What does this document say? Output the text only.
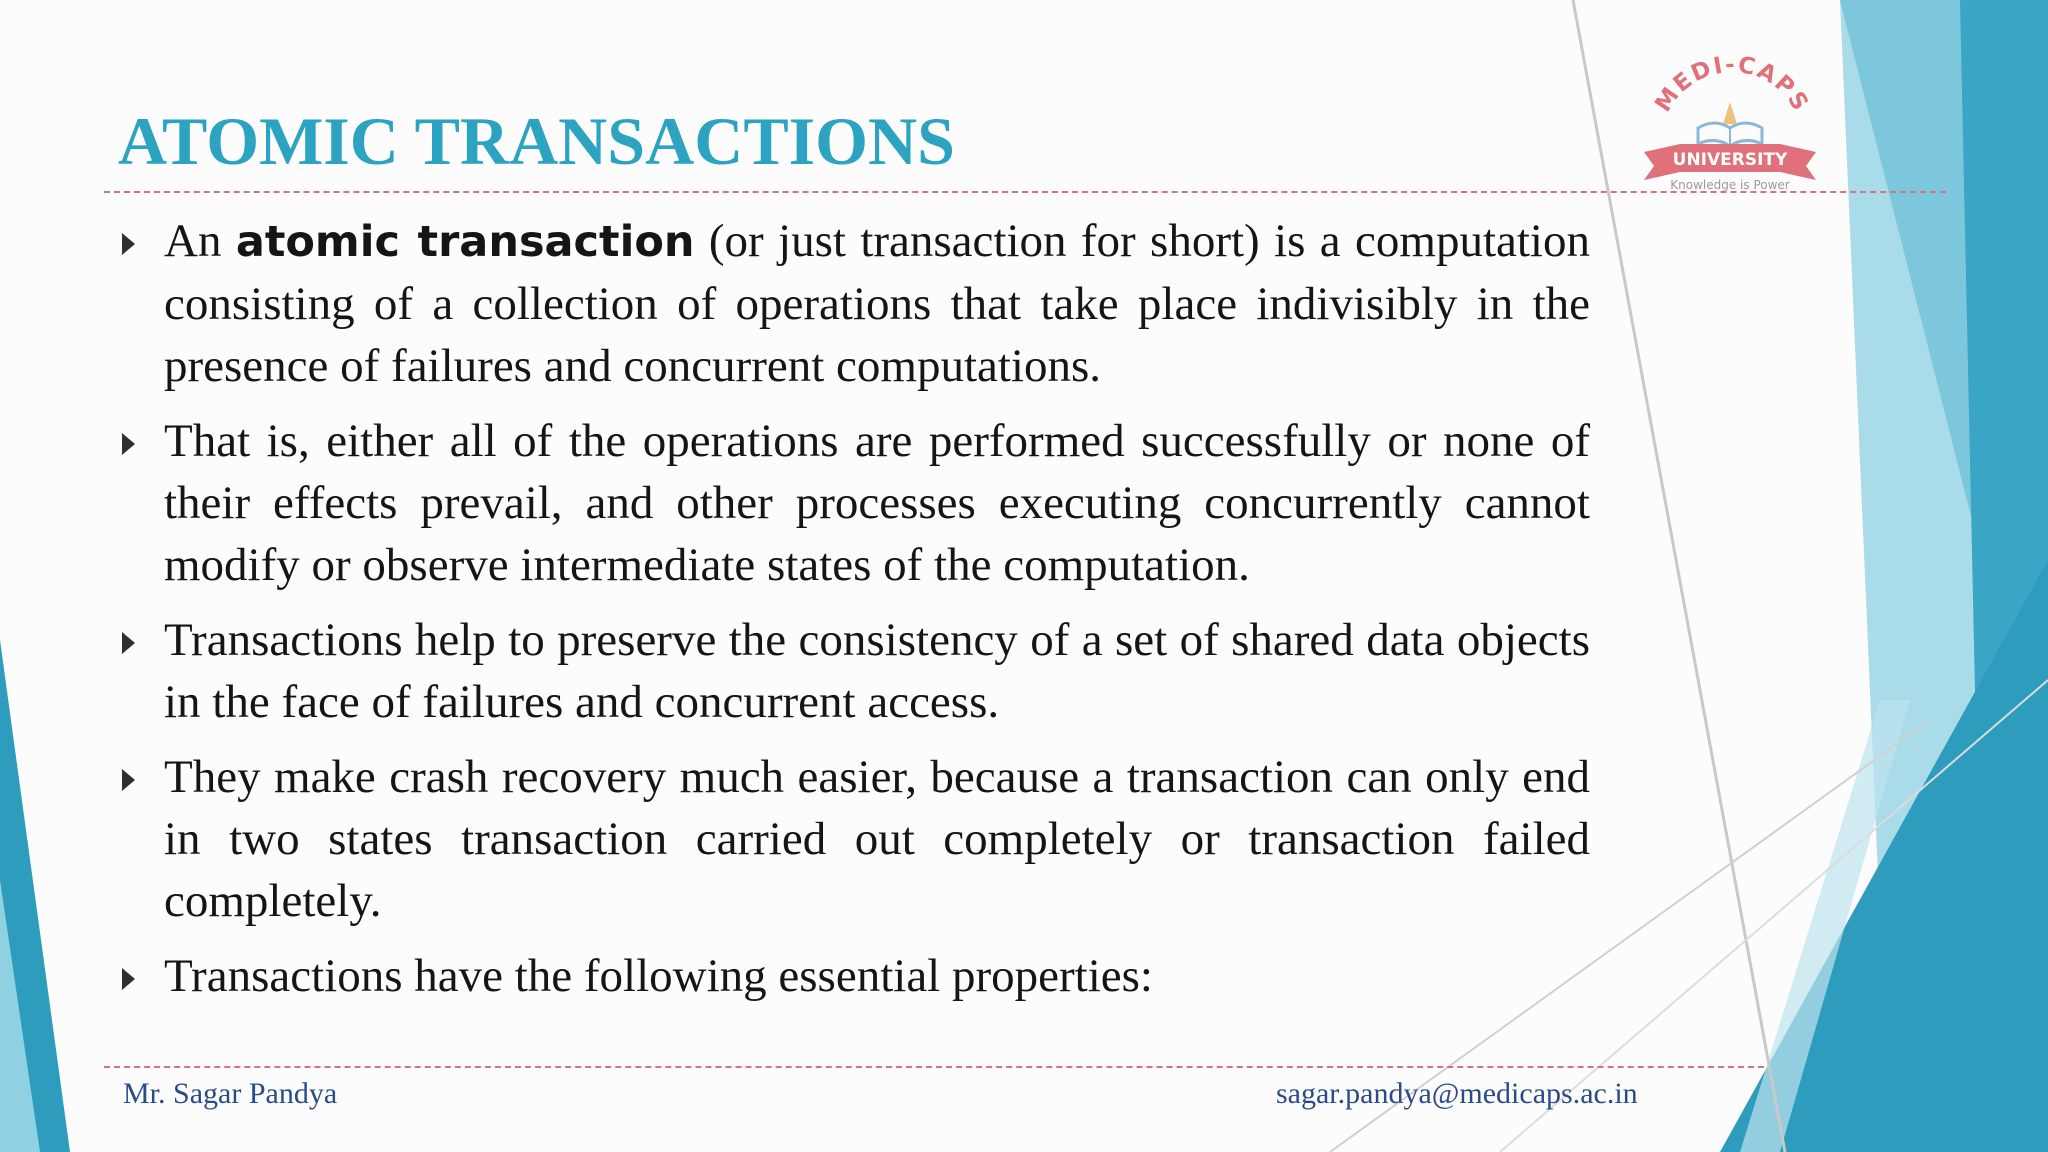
MEDI-CAPS
UNIVERSITY
Knowledge is Power
ATOMIC TRANSACTIONS
An atomic transaction (or just transaction for short) is a computation consisting of a collection of operations that take place indivisibly in the presence of failures and concurrent computations.
That is, either all of the operations are performed successfully or none of their effects prevail, and other processes executing concurrently cannot modify or observe intermediate states of the computation.
Transactions help to preserve the consistency of a set of shared data objects in the face of failures and concurrent access.
They make crash recovery much easier, because a transaction can only end in two states transaction carried out completely or transaction failed completely.
Transactions have the following essential properties:
Mr. Sagar Pandya	sagar.pandya@medicaps.ac.in
